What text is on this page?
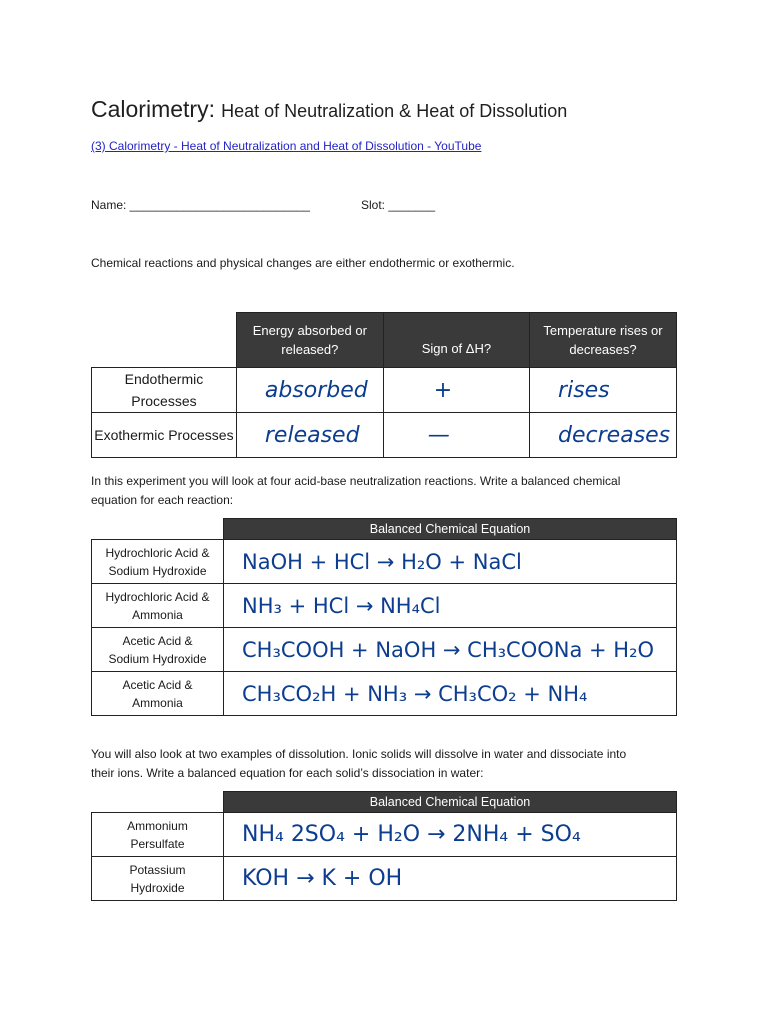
Calorimetry: Heat of Neutralization & Heat of Dissolution
(3) Calorimetry - Heat of Neutralization and Heat of Dissolution - YouTube
Name: ___________________________	Slot: _______
Chemical reactions and physical changes are either endothermic or exothermic.
	Energy absorbed or released?	Sign of ΔH?	Temperature rises or decreases?
Endothermic Processes	absorbed	+	rises
Exothermic Processes	released	—	decreases
In this experiment you will look at four acid-base neutralization reactions. Write a balanced chemical
equation for each reaction:
	Balanced Chemical Equation
Hydrochloric Acid &
Sodium Hydroxide	NaOH + HCl → H₂O + NaCl
Hydrochloric Acid &
Ammonia	NH₃ + HCl → NH₄Cl
Acetic Acid &
Sodium Hydroxide	CH₃COOH + NaOH → CH₃COONa + H₂O
Acetic Acid &
Ammonia	CH₃CO₂H + NH₃ → CH₃CO₂ + NH₄
You will also look at two examples of dissolution. Ionic solids will dissolve in water and dissociate into
their ions. Write a balanced equation for each solid’s dissociation in water:
	Balanced Chemical Equation
Ammonium
Persulfate	NH₄ 2SO₄ + H₂O → 2NH₄ + SO₄
Potassium
Hydroxide	KOH → K + OH
